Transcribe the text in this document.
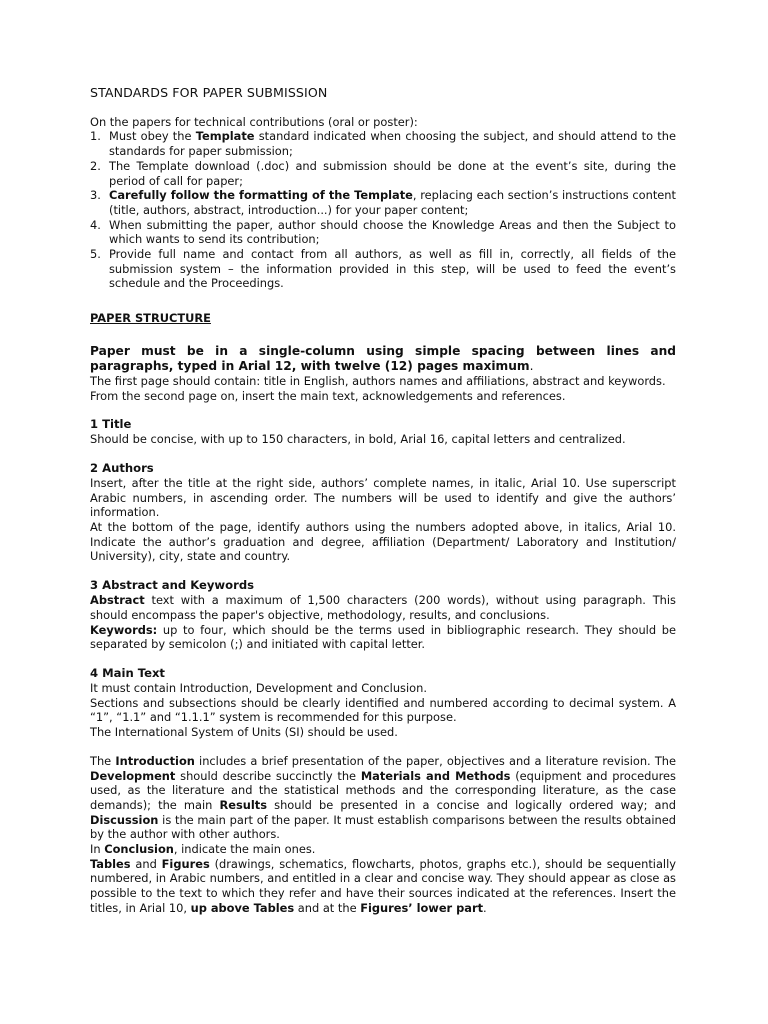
STANDARDS FOR PAPER SUBMISSION

On the papers for technical contributions (oral or poster):

1. Must obey the Template standard indicated when choosing the subject, and should attend to the standards for paper submission;
2. The Template download (.doc) and submission should be done at the event’s site, during the period of call for paper;
3. Carefully follow the formatting of the Template, replacing each section’s instructions content (title, authors, abstract, introduction...) for your paper content;
4. When submitting the paper, author should choose the Knowledge Areas and then the Subject to which wants to send its contribution;
5. Provide full name and contact from all authors, as well as fill in, correctly, all fields of the submission system – the information provided in this step, will be used to feed the event’s schedule and the Proceedings.
PAPER STRUCTURE

Paper must be in a single-column using simple spacing between lines and paragraphs, typed in Arial 12, with twelve (12) pages maximum.

The first page should contain: title in English, authors names and affiliations, abstract and keywords.

From the second page on, insert the main text, acknowledgements and references.

1 Title

Should be concise, with up to 150 characters, in bold, Arial 16, capital letters and centralized.

2 Authors

Insert, after the title at the right side, authors’ complete names, in italic, Arial 10. Use superscript Arabic numbers, in ascending order. The numbers will be used to identify and give the authors’ information.

At the bottom of the page, identify authors using the numbers adopted above, in italics, Arial 10. Indicate the author’s graduation and degree, affiliation (Department/ Laboratory and Institution/ University), city, state and country.

3 Abstract and Keywords

Abstract text with a maximum of 1,500 characters (200 words), without using paragraph. This should encompass the paper's objective, methodology, results, and conclusions.

Keywords: up to four, which should be the terms used in bibliographic research. They should be separated by semicolon (;) and initiated with capital letter.

4 Main Text

It must contain Introduction, Development and Conclusion.

Sections and subsections should be clearly identified and numbered according to decimal system. A “1”, “1.1” and “1.1.1” system is recommended for this purpose.

The International System of Units (SI) should be used.

The Introduction includes a brief presentation of the paper, objectives and a literature revision. The Development should describe succinctly the Materials and Methods (equipment and procedures used, as the literature and the statistical methods and the corresponding literature, as the case demands); the main Results should be presented in a concise and logically ordered way; and Discussion is the main part of the paper. It must establish comparisons between the results obtained by the author with other authors.

In Conclusion, indicate the main ones.

Tables and Figures (drawings, schematics, flowcharts, photos, graphs etc.), should be sequentially numbered, in Arabic numbers, and entitled in a clear and concise way. They should appear as close as possible to the text to which they refer and have their sources indicated at the references. Insert the titles, in Arial 10, up above Tables and at the Figures’ lower part.
